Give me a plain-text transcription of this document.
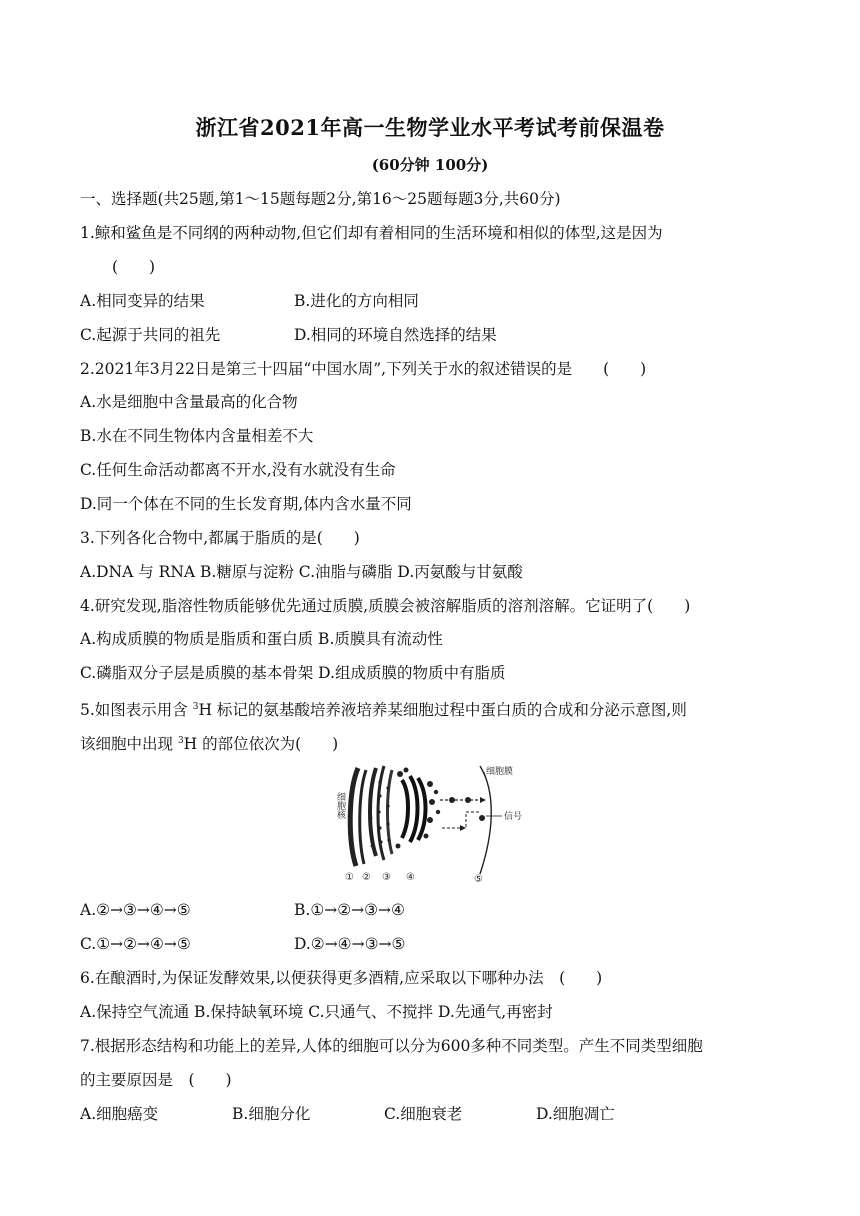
浙江省2021年高一生物学业水平考试考前保温卷
(60分钟 100分)
一、选择题(共25题,第1～15题每题2分,第16～25题每题3分,共60分)
1.鲸和鲨鱼是不同纲的两种动物,但它们却有着相同的生活环境和相似的体型,这是因为
(　　)
A.相同变异的结果	B.进化的方向相同
C.起源于共同的祖先	D.相同的环境自然选择的结果
2.2021年3月22日是第三十四届“中国水周”,下列关于水的叙述错误的是　　(　　)
A.水是细胞中含量最高的化合物
B.水在不同生物体内含量相差不大
C.任何生命活动都离不开水,没有水就没有生命
D.同一个体在不同的生长发育期,体内含水量不同
3.下列各化合物中,都属于脂质的是(　　)
A.DNA 与 RNA B.糖原与淀粉 C.油脂与磷脂 D.丙氨酸与甘氨酸
4.研究发现,脂溶性物质能够优先通过质膜,质膜会被溶解脂质的溶剂溶解。它证明了(　　)
A.构成质膜的物质是脂质和蛋白质 B.质膜具有流动性
C.磷脂双分子层是质膜的基本骨架 D.组成质膜的物质中有脂质
5.如图表示用含 $^3$H 标记的氨基酸培养液培养某细胞过程中蛋白质的合成和分泌示意图,则
该细胞中出现 $^3$H 的部位依次为(　　)
细胞膜
信号
细胞核
① ② ③ ④	⑤
A.②→③→④→⑤	B.①→②→③→④
C.①→②→④→⑤	D.②→④→③→⑤
6.在酿酒时,为保证发酵效果,以便获得更多酒精,应采取以下哪种办法　(　　)
A.保持空气流通 B.保持缺氧环境 C.只通气、不搅拌 D.先通气,再密封
7.根据形态结构和功能上的差异,人体的细胞可以分为600多种不同类型。产生不同类型细胞
的主要原因是　(　　)
A.细胞癌变	B.细胞分化	C.细胞衰老	D.细胞凋亡
